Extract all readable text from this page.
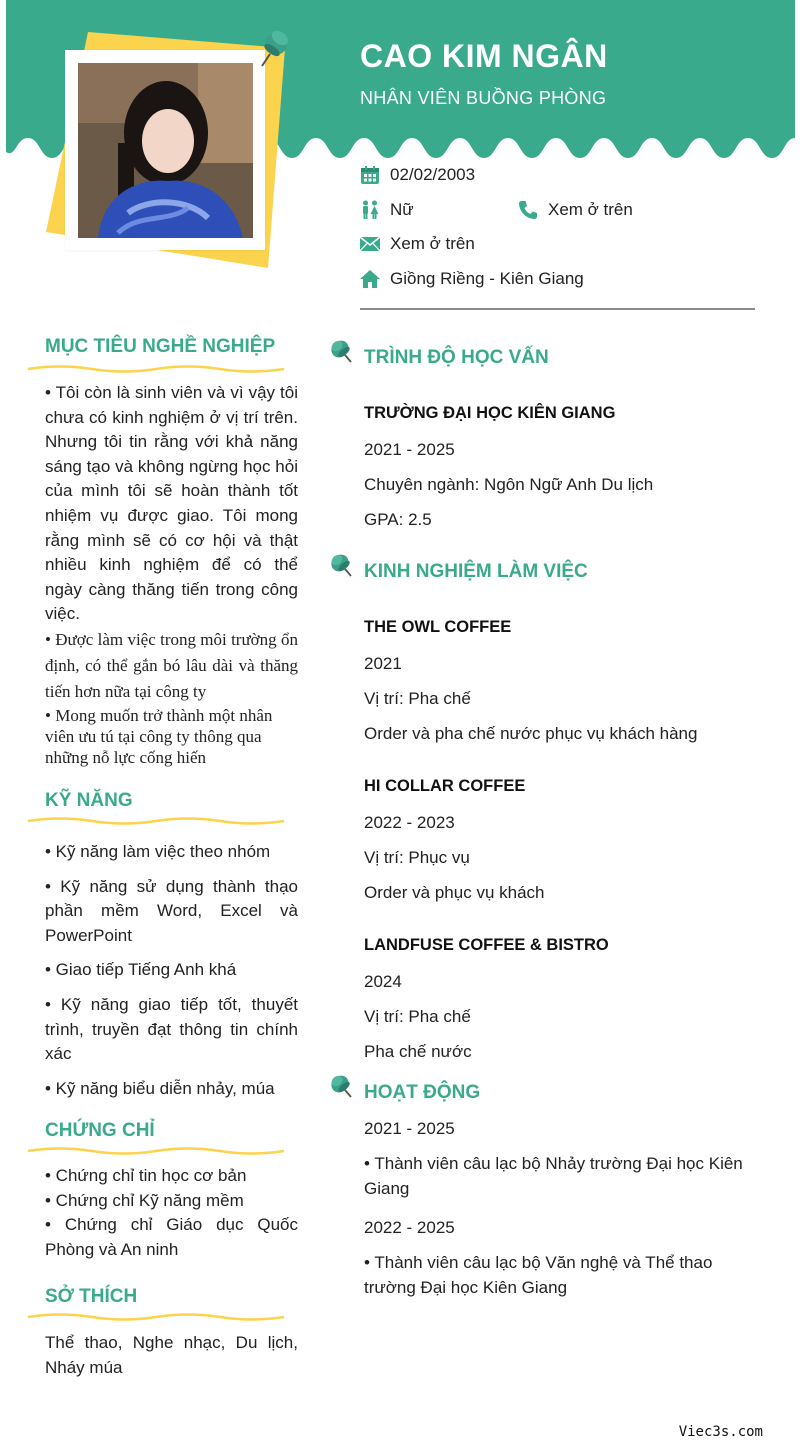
CAO KIM NGÂN
NHÂN VIÊN BUỒNG PHÒNG
02/02/2003
Nữ	Xem ở trên
Xem ở trên
Giồng Riềng - Kiên Giang
MỤC TIÊU NGHỀ NGHIỆP
• Tôi còn là sinh viên và vì vậy tôi chưa có kinh nghiệm ở vị trí trên. Nhưng tôi tin rằng với khả năng sáng tạo và không ngừng học hỏi của mình tôi sẽ hoàn thành tốt nhiệm vụ được giao. Tôi mong rằng mình sẽ có cơ hội và thật nhiều kinh nghiệm để có thể ngày càng thăng tiến trong công việc.
• Được làm việc trong môi trường ổn định, có thể gắn bó lâu dài và thăng tiến hơn nữa tại công ty
• Mong muốn trở thành một nhân viên ưu tú tại công ty thông qua những nỗ lực cống hiến
KỸ NĂNG
• Kỹ năng làm việc theo nhóm
• Kỹ năng sử dụng thành thạo phần mềm Word, Excel và PowerPoint
• Giao tiếp Tiếng Anh khá
• Kỹ năng giao tiếp tốt, thuyết trình, truyền đạt thông tin chính xác
• Kỹ năng biểu diễn nhảy, múa
CHỨNG CHỈ
• Chứng chỉ tin học cơ bản
• Chứng chỉ Kỹ năng mềm
• Chứng chỉ Giáo dục Quốc Phòng và An ninh
SỞ THÍCH
Thể thao, Nghe nhạc, Du lịch, Nháy múa
TRÌNH ĐỘ HỌC VẤN
TRƯỜNG ĐẠI HỌC KIÊN GIANG
2021 - 2025
Chuyên ngành: Ngôn Ngữ Anh Du lịch
GPA: 2.5
KINH NGHIỆM LÀM VIỆC
THE OWL COFFEE
2021
Vị trí: Pha chế
Order và pha chế nước phục vụ khách hàng
HI COLLAR COFFEE
2022 - 2023
Vị trí: Phục vụ
Order và phục vụ khách
LANDFUSE COFFEE & BISTRO
2024
Vị trí: Pha chế
Pha chế nước
HOẠT ĐỘNG
2021 - 2025
• Thành viên câu lạc bộ Nhảy trường Đại học Kiên Giang
2022 - 2025
• Thành viên câu lạc bộ Văn nghệ và Thể thao trường Đại học Kiên Giang
Viec3s.com
